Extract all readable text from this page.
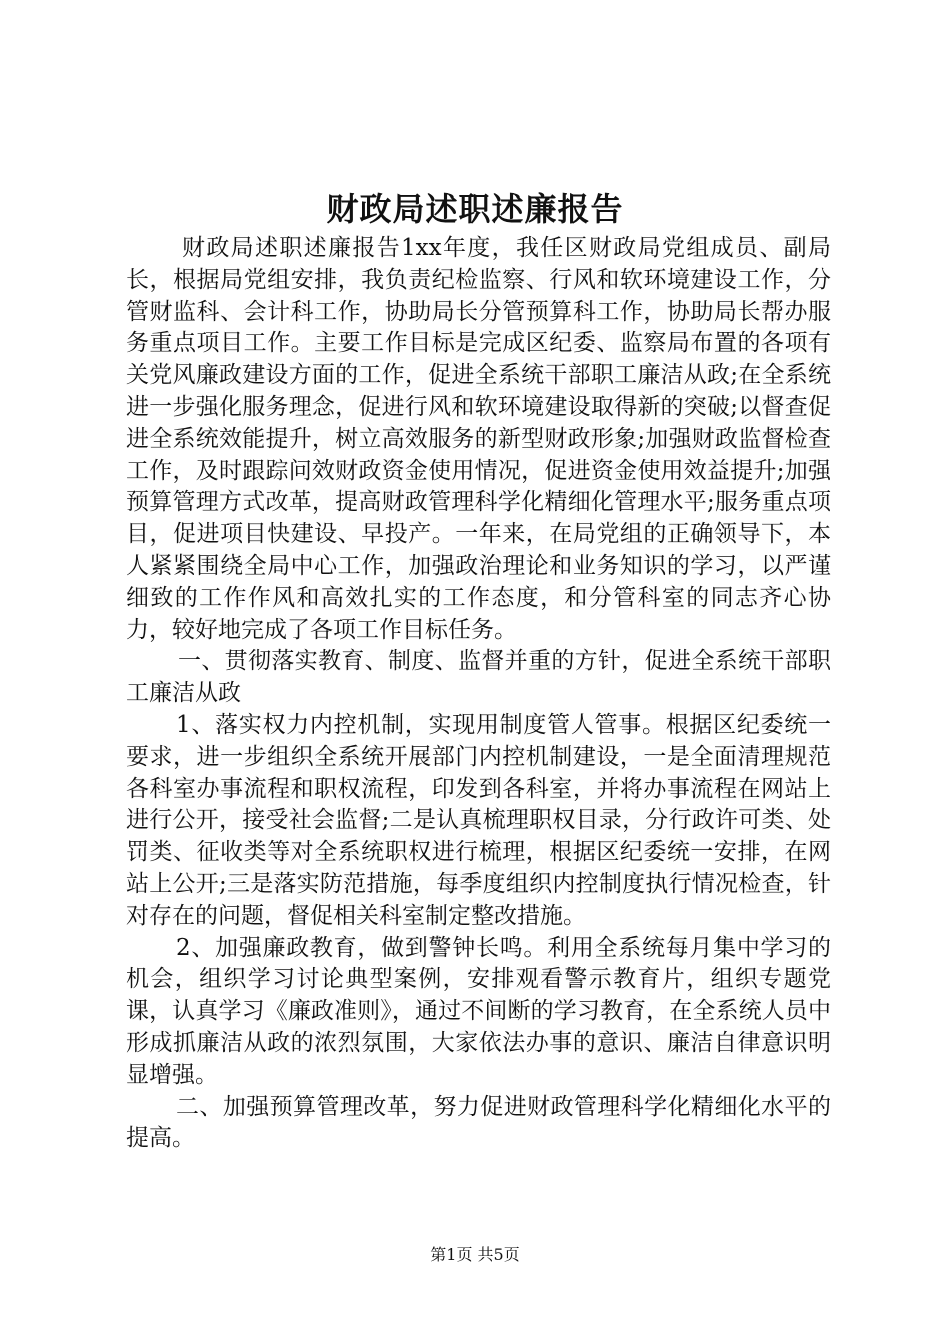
财政局述职述廉报告

财政局述职述廉报告1xx年度，我任区财政局党组成员、副局长，根据局党组安排，我负责纪检监察、行风和软环境建设工作，分管财监科、会计科工作，协助局长分管预算科工作，协助局长帮办服务重点项目工作。主要工作目标是完成区纪委、监察局布置的各项有关党风廉政建设方面的工作，促进全系统干部职工廉洁从政;在全系统进一步强化服务理念，促进行风和软环境建设取得新的突破;以督查促进全系统效能提升，树立高效服务的新型财政形象;加强财政监督检查工作，及时跟踪问效财政资金使用情况，促进资金使用效益提升;加强预算管理方式改革，提高财政管理科学化精细化管理水平;服务重点项目，促进项目快建设、早投产。一年来，在局党组的正确领导下，本人紧紧围绕全局中心工作，加强政治理论和业务知识的学习，以严谨细致的工作作风和高效扎实的工作态度，和分管科室的同志齐心协力，较好地完成了各项工作目标任务。

一、贯彻落实教育、制度、监督并重的方针，促进全系统干部职工廉洁从政

1、落实权力内控机制，实现用制度管人管事。根据区纪委统一要求，进一步组织全系统开展部门内控机制建设，一是全面清理规范各科室办事流程和职权流程，印发到各科室，并将办事流程在网站上进行公开，接受社会监督;二是认真梳理职权目录，分行政许可类、处罚类、征收类等对全系统职权进行梳理，根据区纪委统一安排，在网站上公开;三是落实防范措施，每季度组织内控制度执行情况检查，针对存在的问题，督促相关科室制定整改措施。

2、加强廉政教育，做到警钟长鸣。利用全系统每月集中学习的机会，组织学习讨论典型案例，安排观看警示教育片，组织专题党课，认真学习《廉政准则》，通过不间断的学习教育，在全系统人员中形成抓廉洁从政的浓烈氛围，大家依法办事的意识、廉洁自律意识明显增强。

二、加强预算管理改革，努力促进财政管理科学化精细化水平的提高。

第1页 共5页
